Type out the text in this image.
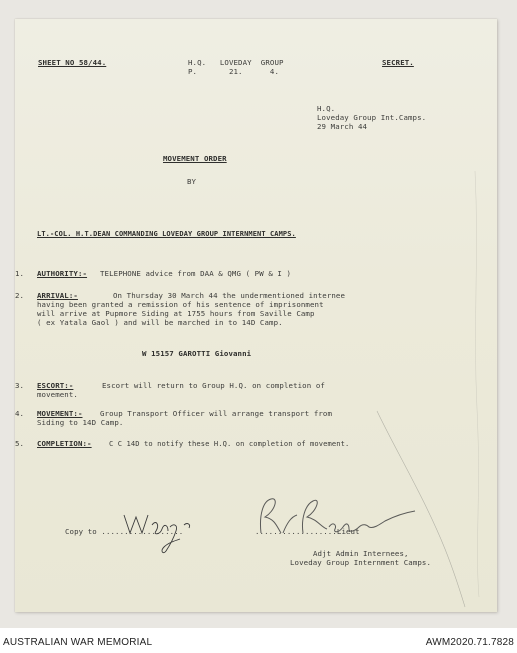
SHEET NO 58/44.	H.Q.   LOVEDAY  GROUP

P.       21.      4.

SECRET.

H.Q.

Loveday Group Int.Camps.

29 March 44

MOVEMENT ORDER

BY

LT.-COL. H.T.DEAN COMMANDING LOVEDAY GROUP INTERNMENT CAMPS.

1. AUTHORITY:- TELEPHONE advice from DAA & QMG ( PW & I )

2. ARRIVAL:-	On Thursday 30 March 44 the undermentioned internee

having been granted a remission of his sentence of imprisonment

will arrive at Pupmore Siding at 1755 hours from Saville Camp

( ex Yatala Gaol ) and will be marched in to 14D Camp.

W 15157 GAROTTI Giovanni

3. ESCORT:-	Escort will return to Group H.Q. on completion of

movement.

4. MOVEMENT:- Group Transport Officer will arrange transport from

Siding to 14D Camp.

5. COMPLETION:- C C 14D to notify these H.Q. on completion of movement.

Copy to ..................	..................Lieut

Adjt Admin Internees,

Loveday Group Internment Camps.

AUSTRALIAN WAR MEMORIAL	AWM2020.71.7828
